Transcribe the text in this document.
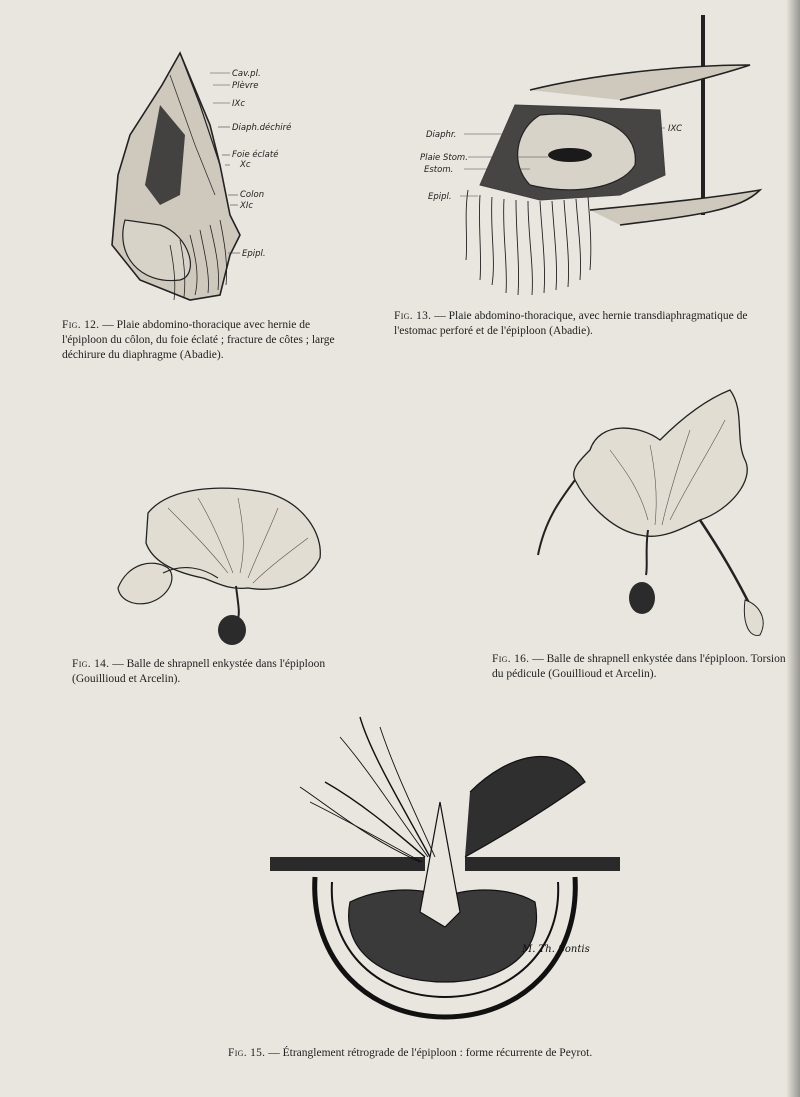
Cav.pl.
Plèvre
IXc
Diaph.déchiré
Foie éclaté
Xc
Colon
XIc
Epipl.
Fig. 12. — Plaie abdomino-thoracique avec hernie de l'épiploon du côlon, du foie éclaté ; fracture de côtes ; large déchirure du diaphragme (Abadie).
Diaphr.
IXC
Plaie Stom.
Estom.
Epipl.
Fig. 13. — Plaie abdomino-thoracique, avec hernie transdiaphragmatique de l'estomac perforé et de l'épiploon (Abadie).
Fig. 14. — Balle de shrapnell enkystée dans l'épiploon (Gouillioud et Arcelin).
Fig. 16. — Balle de shrapnell enkystée dans l'épiploon. Torsion du pédicule (Gouillioud et Arcelin).
M. Th. Sontis
Fig. 15. — Étranglement rétrograde de l'épiploon : forme récurrente de Peyrot.
